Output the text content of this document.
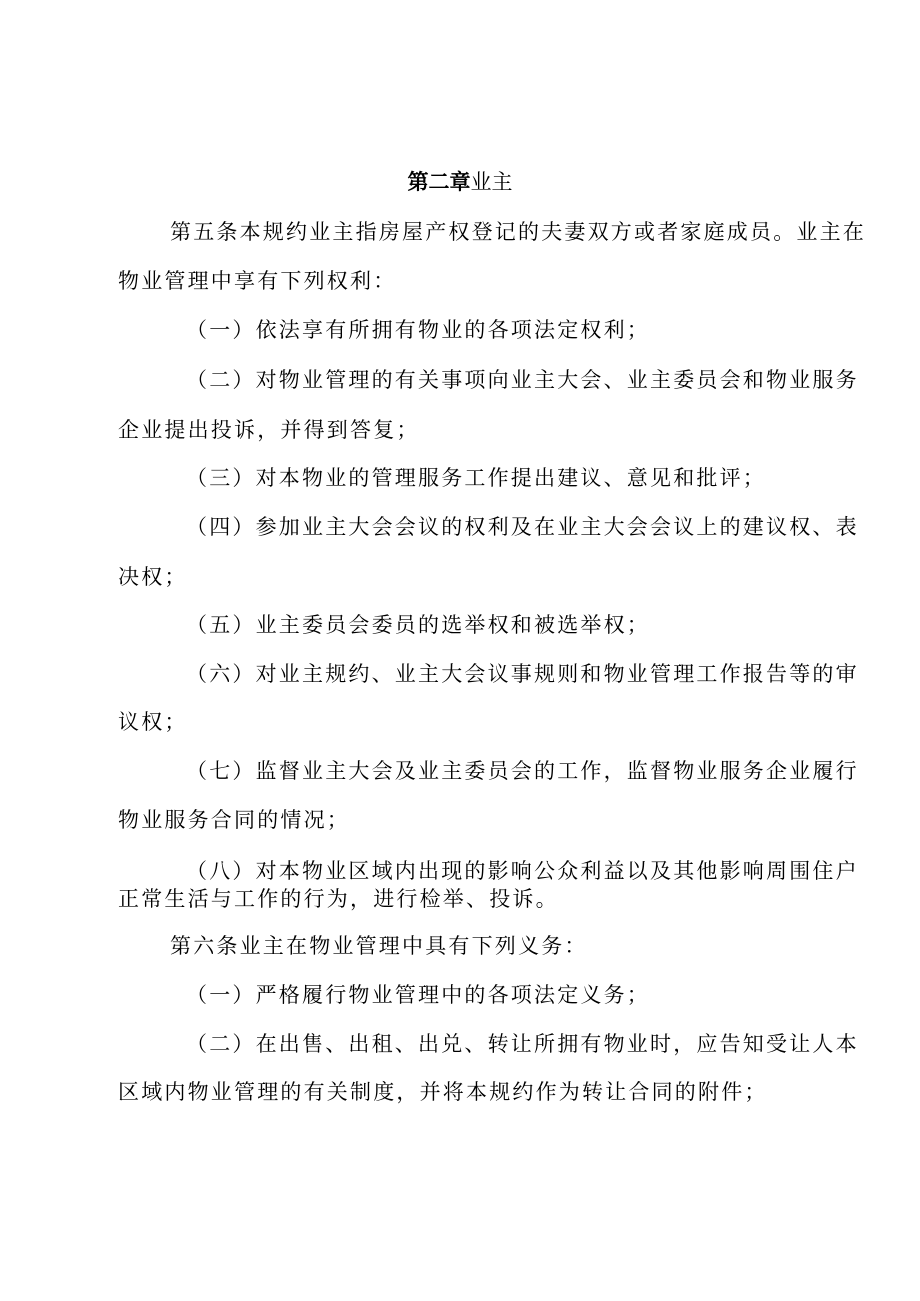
第二章业主
第五条本规约业主指房屋产权登记的夫妻双方或者家庭成员。业主在
物业管理中享有下列权利：
（一）依法享有所拥有物业的各项法定权利；
（二）对物业管理的有关事项向业主大会、业主委员会和物业服务
企业提出投诉，并得到答复；
（三）对本物业的管理服务工作提出建议、意见和批评；
（四）参加业主大会会议的权利及在业主大会会议上的建议权、表
决权；
（五）业主委员会委员的选举权和被选举权；
（六）对业主规约、业主大会议事规则和物业管理工作报告等的审
议权；
（七）监督业主大会及业主委员会的工作，监督物业服务企业履行
物业服务合同的情况；
（八）对本物业区域内出现的影响公众利益以及其他影响周围住户
正常生活与工作的行为，进行检举、投诉。
第六条业主在物业管理中具有下列义务：
（一）严格履行物业管理中的各项法定义务；
（二）在出售、出租、出兑、转让所拥有物业时，应告知受让人本
区域内物业管理的有关制度，并将本规约作为转让合同的附件；
